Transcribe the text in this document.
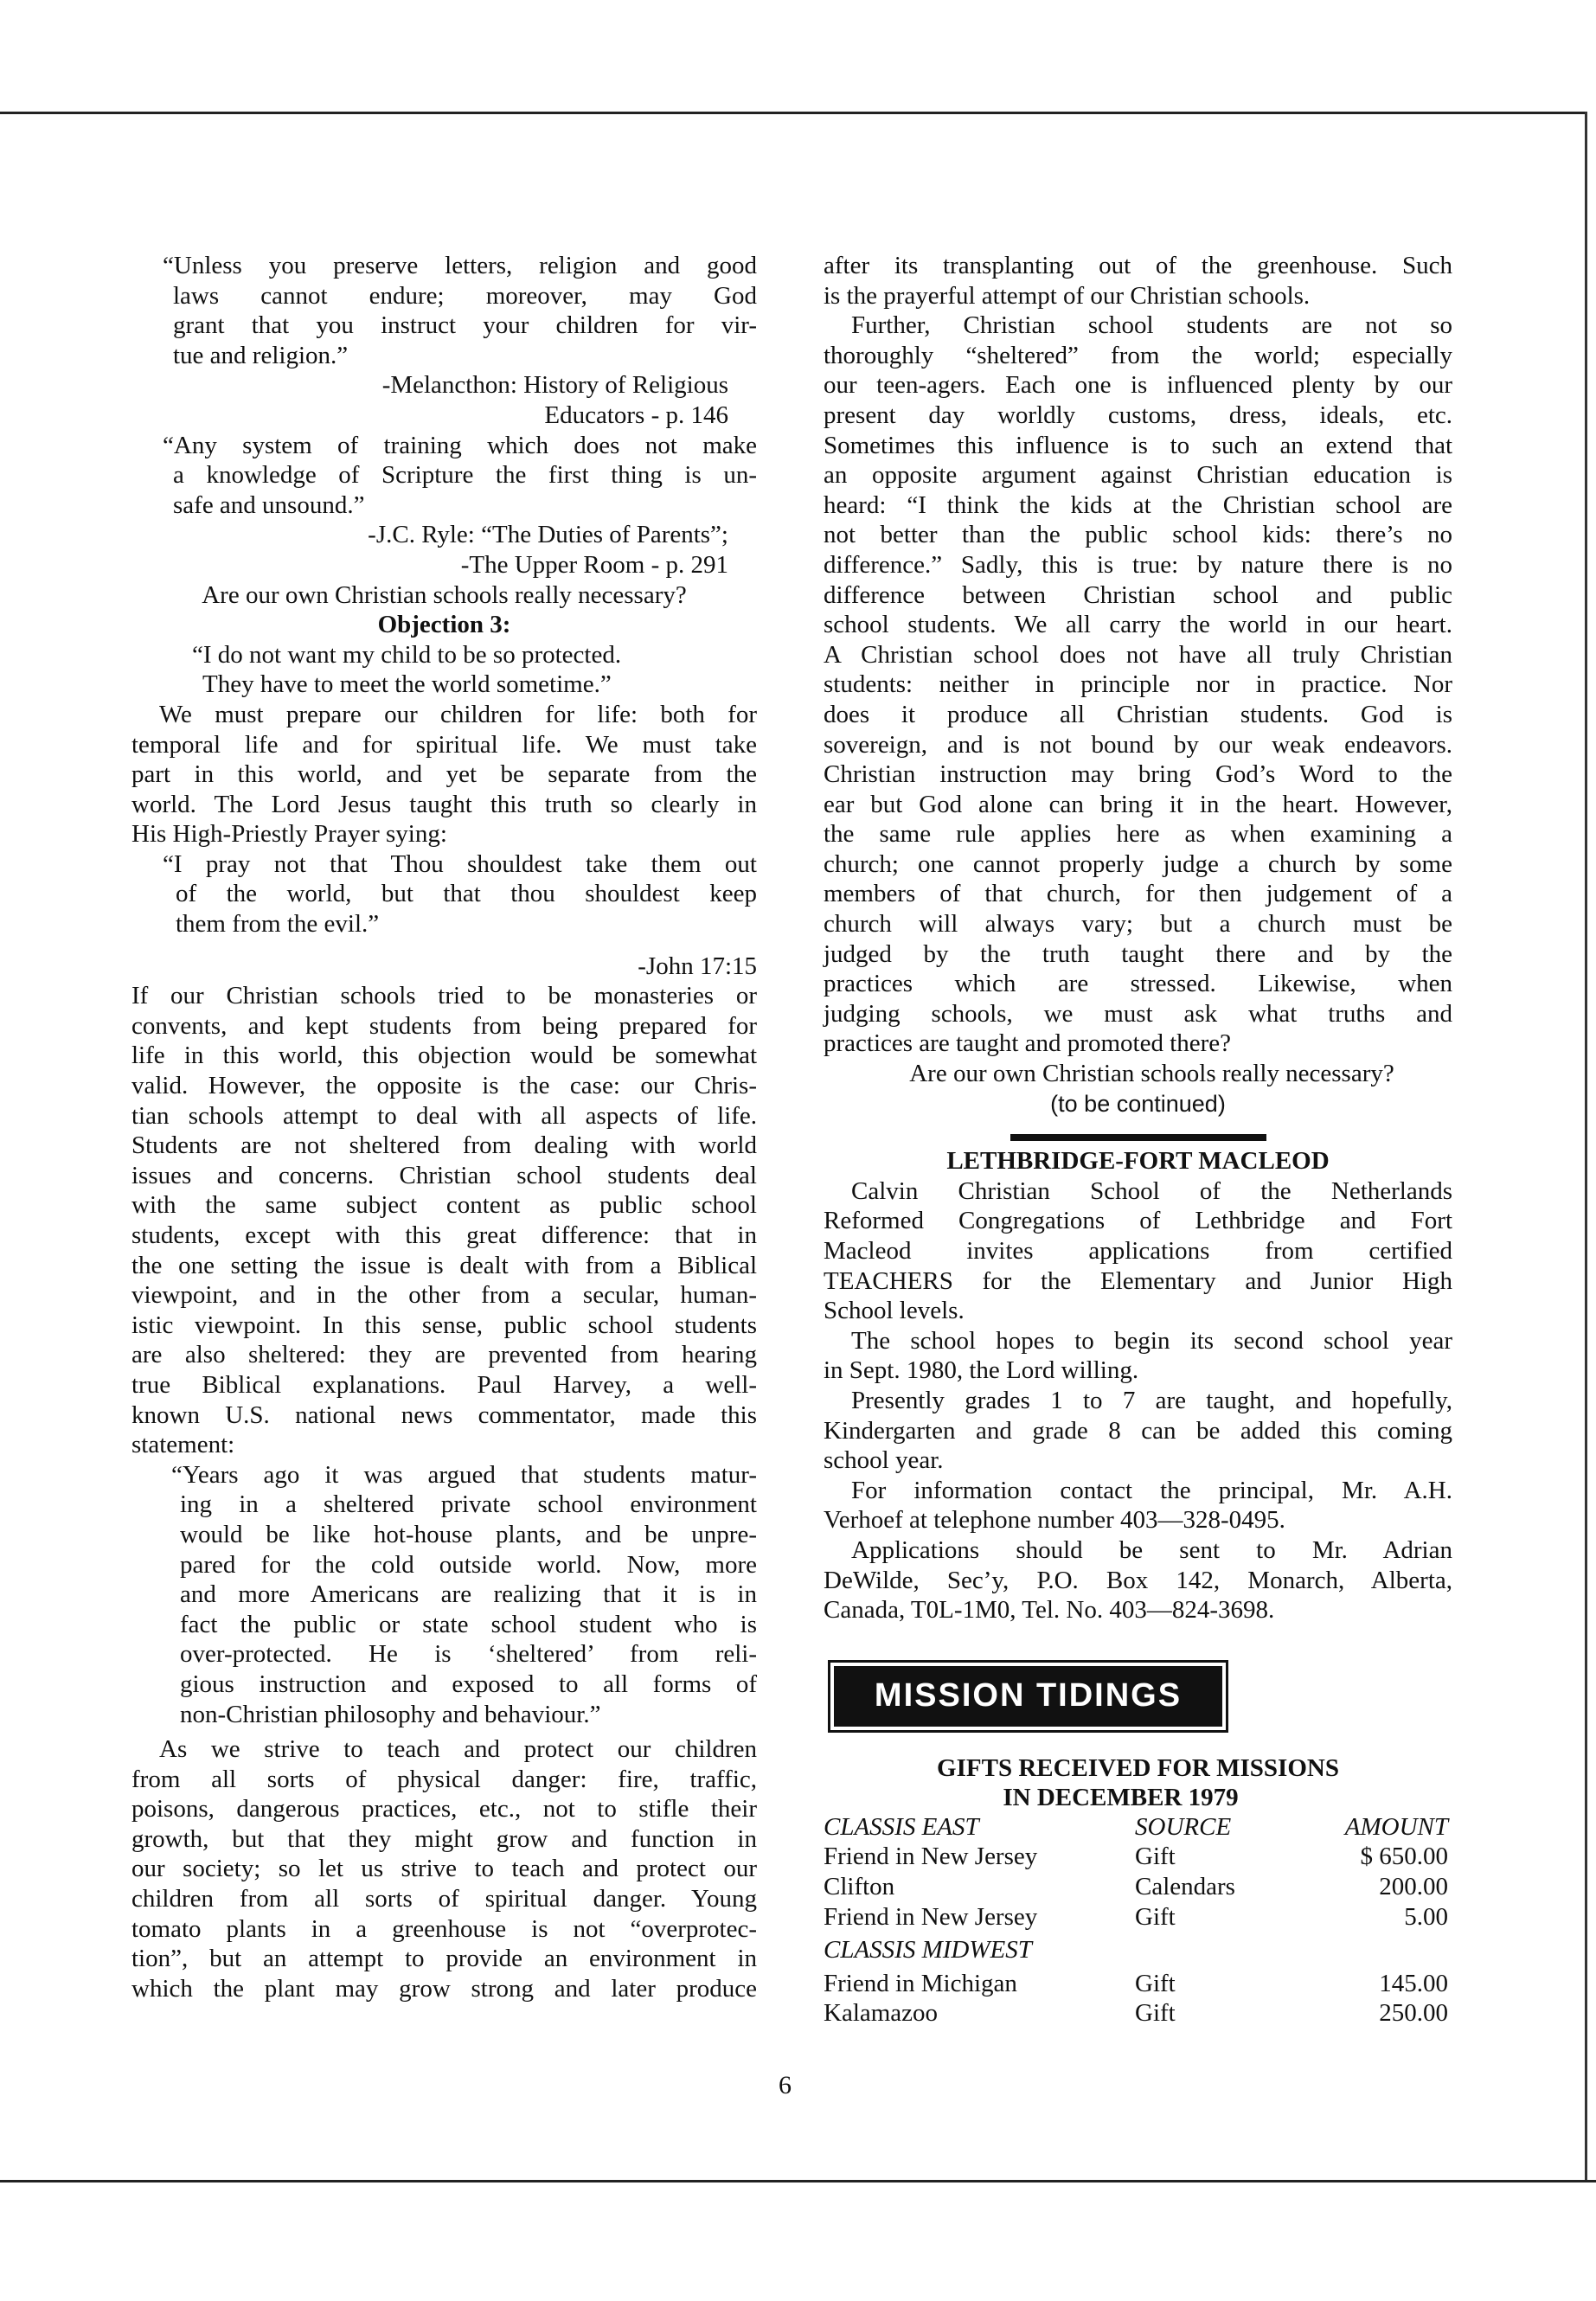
“Unless you preserve letters, religion and good
laws cannot endure; moreover, may God
grant that you instruct your children for vir-
tue and religion.”

-Melancthon: History of Religious
Educators - p. 146

“Any system of training which does not make
a knowledge of Scripture the first thing is un-
safe and unsound.”

-J.C. Ryle: “The Duties of Parents”;
-The Upper Room - p. 291

Are our own Christian schools really necessary?

Objection 3:

“I do not want my child to be so protected.
They have to meet the world sometime.”

We must prepare our children for life: both for
temporal life and for spiritual life. We must take
part in this world, and yet be separate from the
world. The Lord Jesus taught this truth so clearly in
His High-Priestly Prayer sying:

“I pray not that Thou shouldest take them out
of the world, but that thou shouldest keep
them from the evil.”

-John 17:15

If our Christian schools tried to be monasteries or
convents, and kept students from being prepared for
life in this world, this objection would be somewhat
valid. However, the opposite is the case: our Chris-
tian schools attempt to deal with all aspects of life.
Students are not sheltered from dealing with world
issues and concerns. Christian school students deal
with the same subject content as public school
students, except with this great difference: that in
the one setting the issue is dealt with from a Biblical
viewpoint, and in the other from a secular, human-
istic viewpoint. In this sense, public school students
are also sheltered: they are prevented from hearing
true Biblical explanations. Paul Harvey, a well-
known U.S. national news commentator, made this
statement:

“Years ago it was argued that students matur-
ing in a sheltered private school environment
would be like hot-house plants, and be unpre-
pared for the cold outside world. Now, more
and more Americans are realizing that it is in
fact the public or state school student who is
over-protected. He is ‘sheltered’ from reli-
gious instruction and exposed to all forms of
non-Christian philosophy and behaviour.”

As we strive to teach and protect our children
from all sorts of physical danger: fire, traffic,
poisons, dangerous practices, etc., not to stifle their
growth, but that they might grow and function in
our society; so let us strive to teach and protect our
children from all sorts of spiritual danger. Young
tomato plants in a greenhouse is not “overprotec-
tion”, but an attempt to provide an environment in
which the plant may grow strong and later produce

after its transplanting out of the greenhouse. Such
is the prayerful attempt of our Christian schools.

Further, Christian school students are not so
thoroughly “sheltered” from the world; especially
our teen-agers. Each one is influenced plenty by our
present day worldly customs, dress, ideals, etc.
Sometimes this influence is to such an extend that
an opposite argument against Christian education is
heard: “I think the kids at the Christian school are
not better than the public school kids: there’s no
difference.” Sadly, this is true: by nature there is no
difference between Christian school and public
school students. We all carry the world in our heart.
A Christian school does not have all truly Christian
students: neither in principle nor in practice. Nor
does it produce all Christian students. God is
sovereign, and is not bound by our weak endeavors.
Christian instruction may bring God’s Word to the
ear but God alone can bring it in the heart. However,
the same rule applies here as when examining a
church; one cannot properly judge a church by some
members of that church, for then judgement of a
church will always vary; but a church must be
judged by the truth taught there and by the
practices which are stressed. Likewise, when
judging schools, we must ask what truths and
practices are taught and promoted there?

Are our own Christian schools really necessary?

(to be continued)

LETHBRIDGE-FORT MACLEOD

Calvin Christian School of the Netherlands
Reformed Congregations of Lethbridge and Fort
Macleod invites applications from certified
TEACHERS for the Elementary and Junior High
School levels.

The school hopes to begin its second school year
in Sept. 1980, the Lord willing.

Presently grades 1 to 7 are taught, and hopefully,
Kindergarten and grade 8 can be added this coming
school year.

For information contact the principal, Mr. A.H.
Verhoef at telephone number 403—328-0495.

Applications should be sent to Mr. Adrian
DeWilde, Sec’y, P.O. Box 142, Monarch, Alberta,
Canada, T0L-1M0, Tel. No. 403—824-3698.

MISSION TIDINGS
GIFTS RECEIVED FOR MISSIONS
IN DECEMBER 1979
CLASSIS EAST	SOURCE	AMOUNT
Friend in New Jersey	Gift	$ 650.00
Clifton	Calendars	200.00
Friend in New Jersey	Gift	5.00
CLASSIS MIDWEST		
Friend in Michigan	Gift	145.00
Kalamazoo	Gift	250.00
6
